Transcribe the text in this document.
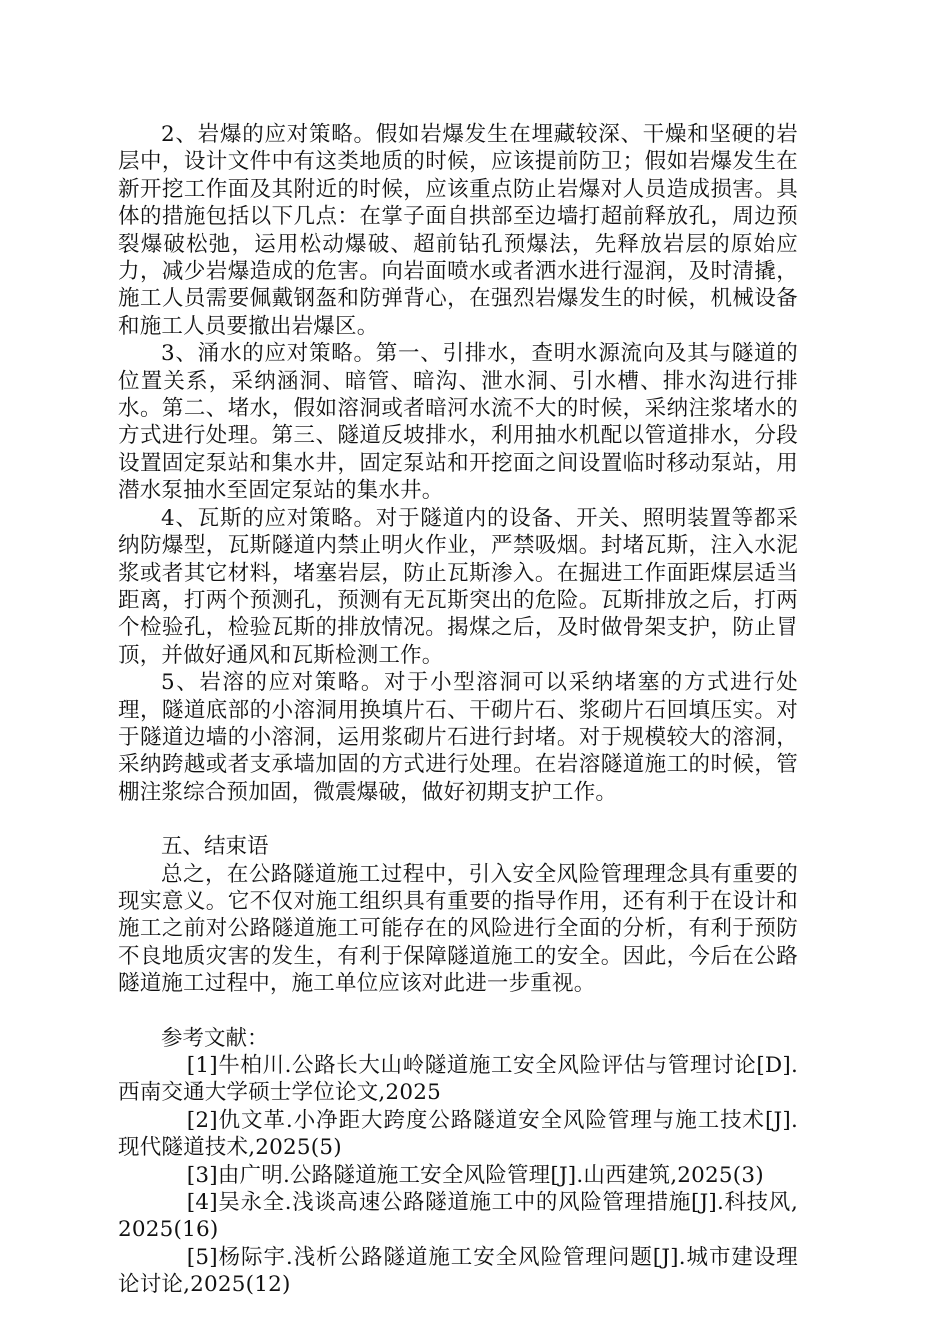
2、岩爆的应对策略。假如岩爆发生在埋藏较深、干燥和坚硬的岩层中，设计文件中有这类地质的时候，应该提前防卫；假如岩爆发生在新开挖工作面及其附近的时候，应该重点防止岩爆对人员造成损害。具体的措施包括以下几点：在掌子面自拱部至边墙打超前释放孔，周边预裂爆破松弛，运用松动爆破、超前钻孔预爆法，先释放岩层的原始应力，减少岩爆造成的危害。向岩面喷水或者洒水进行湿润，及时清撬，施工人员需要佩戴钢盔和防弹背心，在强烈岩爆发生的时候，机械设备和施工人员要撤出岩爆区。

3、涌水的应对策略。第一、引排水，查明水源流向及其与隧道的位置关系，采纳涵洞、暗管、暗沟、泄水洞、引水槽、排水沟进行排水。第二、堵水，假如溶洞或者暗河水流不大的时候，采纳注浆堵水的方式进行处理。第三、隧道反坡排水，利用抽水机配以管道排水，分段设置固定泵站和集水井，固定泵站和开挖面之间设置临时移动泵站，用潜水泵抽水至固定泵站的集水井。

4、瓦斯的应对策略。对于隧道内的设备、开关、照明装置等都采纳防爆型，瓦斯隧道内禁止明火作业，严禁吸烟。封堵瓦斯，注入水泥浆或者其它材料，堵塞岩层，防止瓦斯渗入。在掘进工作面距煤层适当距离，打两个预测孔，预测有无瓦斯突出的危险。瓦斯排放之后，打两个检验孔，检验瓦斯的排放情况。揭煤之后，及时做骨架支护，防止冒顶，并做好通风和瓦斯检测工作。

5、岩溶的应对策略。对于小型溶洞可以采纳堵塞的方式进行处理，隧道底部的小溶洞用换填片石、干砌片石、浆砌片石回填压实。对于隧道边墙的小溶洞，运用浆砌片石进行封堵。对于规模较大的溶洞，采纳跨越或者支承墙加固的方式进行处理。在岩溶隧道施工的时候，管棚注浆综合预加固，微震爆破，做好初期支护工作。

五、结束语

总之，在公路隧道施工过程中，引入安全风险管理理念具有重要的现实意义。它不仅对施工组织具有重要的指导作用，还有利于在设计和施工之前对公路隧道施工可能存在的风险进行全面的分析，有利于预防不良地质灾害的发生，有利于保障隧道施工的安全。因此，今后在公路隧道施工过程中，施工单位应该对此进一步重视。

参考文献：

[1]牛柏川.公路长大山岭隧道施工安全风险评估与管理讨论[D].西南交通大学硕士学位论文,2025

[2]仇文革.小净距大跨度公路隧道安全风险管理与施工技术[J].现代隧道技术,2025(5)

[3]由广明.公路隧道施工安全风险管理[J].山西建筑,2025(3)

[4]吴永全.浅谈高速公路隧道施工中的风险管理措施[J].科技风, 2025(16)

[5]杨际宇.浅析公路隧道施工安全风险管理问题[J].城市建设理论讨论,2025(12)
